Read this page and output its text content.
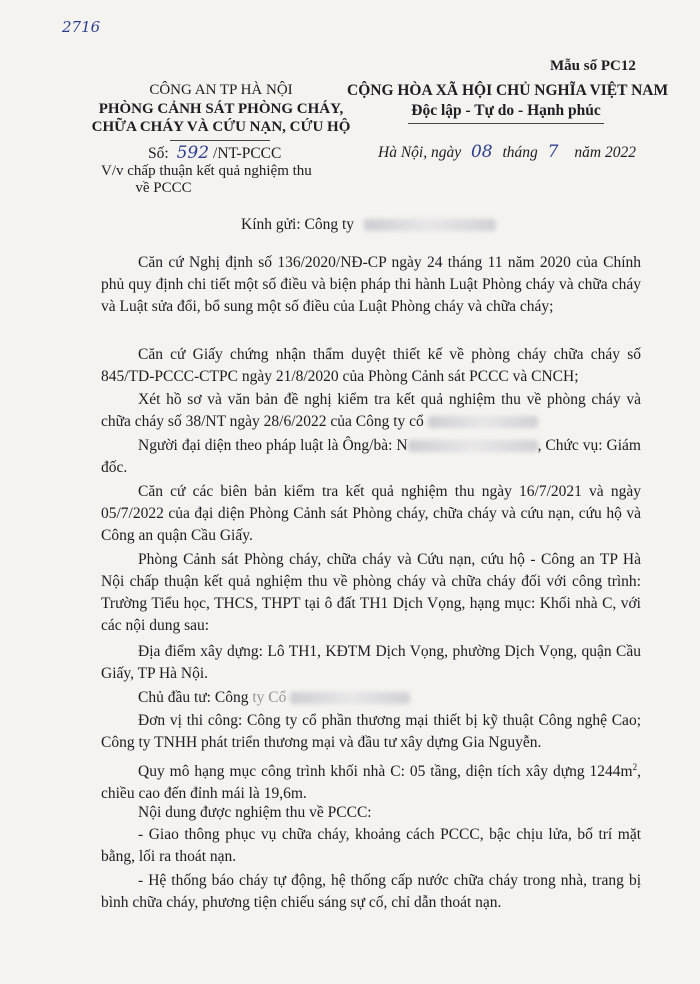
2716
Mẫu số PC12
CÔNG AN TP HÀ NỘI
PHÒNG CẢNH SÁT PHÒNG CHÁY,
CHỮA CHÁY VÀ CỨU NẠN, CỨU HỘ
Số: 592 /NT-PCCC
V/v chấp thuận kết quả nghiệm thu
về PCCC
CỘNG HÒA XÃ HỘI CHỦ NGHĨA VIỆT NAM
Độc lập - Tự do - Hạnh phúc
Hà Nội, ngày 08 tháng 7 năm 2022
Kính gửi: Công ty
Căn cứ Nghị định số 136/2020/NĐ-CP ngày 24 tháng 11 năm 2020 của Chính phủ quy định chi tiết một số điều và biện pháp thi hành Luật Phòng cháy và chữa cháy và Luật sửa đổi, bổ sung một số điều của Luật Phòng cháy và chữa cháy;
Căn cứ Giấy chứng nhận thẩm duyệt thiết kế về phòng cháy chữa cháy số 845/TD-PCCC-CTPC ngày 21/8/2020 của Phòng Cảnh sát PCCC và CNCH;
Xét hồ sơ và văn bản đề nghị kiểm tra kết quả nghiệm thu về phòng cháy và chữa cháy số 38/NT ngày 28/6/2022 của Công ty cổ
Người đại diện theo pháp luật là Ông/bà: N	, Chức vụ: Giám đốc.
Căn cứ các biên bản kiểm tra kết quả nghiệm thu ngày 16/7/2021 và ngày 05/7/2022 của đại diện Phòng Cảnh sát Phòng cháy, chữa cháy và cứu nạn, cứu hộ và Công an quận Cầu Giấy.
Phòng Cảnh sát Phòng cháy, chữa cháy và Cứu nạn, cứu hộ - Công an TP Hà Nội chấp thuận kết quả nghiệm thu về phòng cháy và chữa cháy đối với công trình: Trường Tiểu học, THCS, THPT tại ô đất TH1 Dịch Vọng, hạng mục: Khối nhà C, với các nội dung sau:
Địa điểm xây dựng: Lô TH1, KĐTM Dịch Vọng, phường Dịch Vọng, quận Cầu Giấy, TP Hà Nội.
Chủ đầu tư: Công ty Cổ
Đơn vị thi công: Công ty cổ phần thương mại thiết bị kỹ thuật Công nghệ Cao; Công ty TNHH phát triển thương mại và đầu tư xây dựng Gia Nguyễn.
Quy mô hạng mục công trình khối nhà C: 05 tầng, diện tích xây dựng $1244m^2$, chiều cao đến đỉnh mái là 19,6m.
Nội dung được nghiệm thu về PCCC:
- Giao thông phục vụ chữa cháy, khoảng cách PCCC, bậc chịu lửa, bố trí mặt bằng, lối ra thoát nạn.
- Hệ thống báo cháy tự động, hệ thống cấp nước chữa cháy trong nhà, trang bị bình chữa cháy, phương tiện chiếu sáng sự cố, chỉ dẫn thoát nạn.
